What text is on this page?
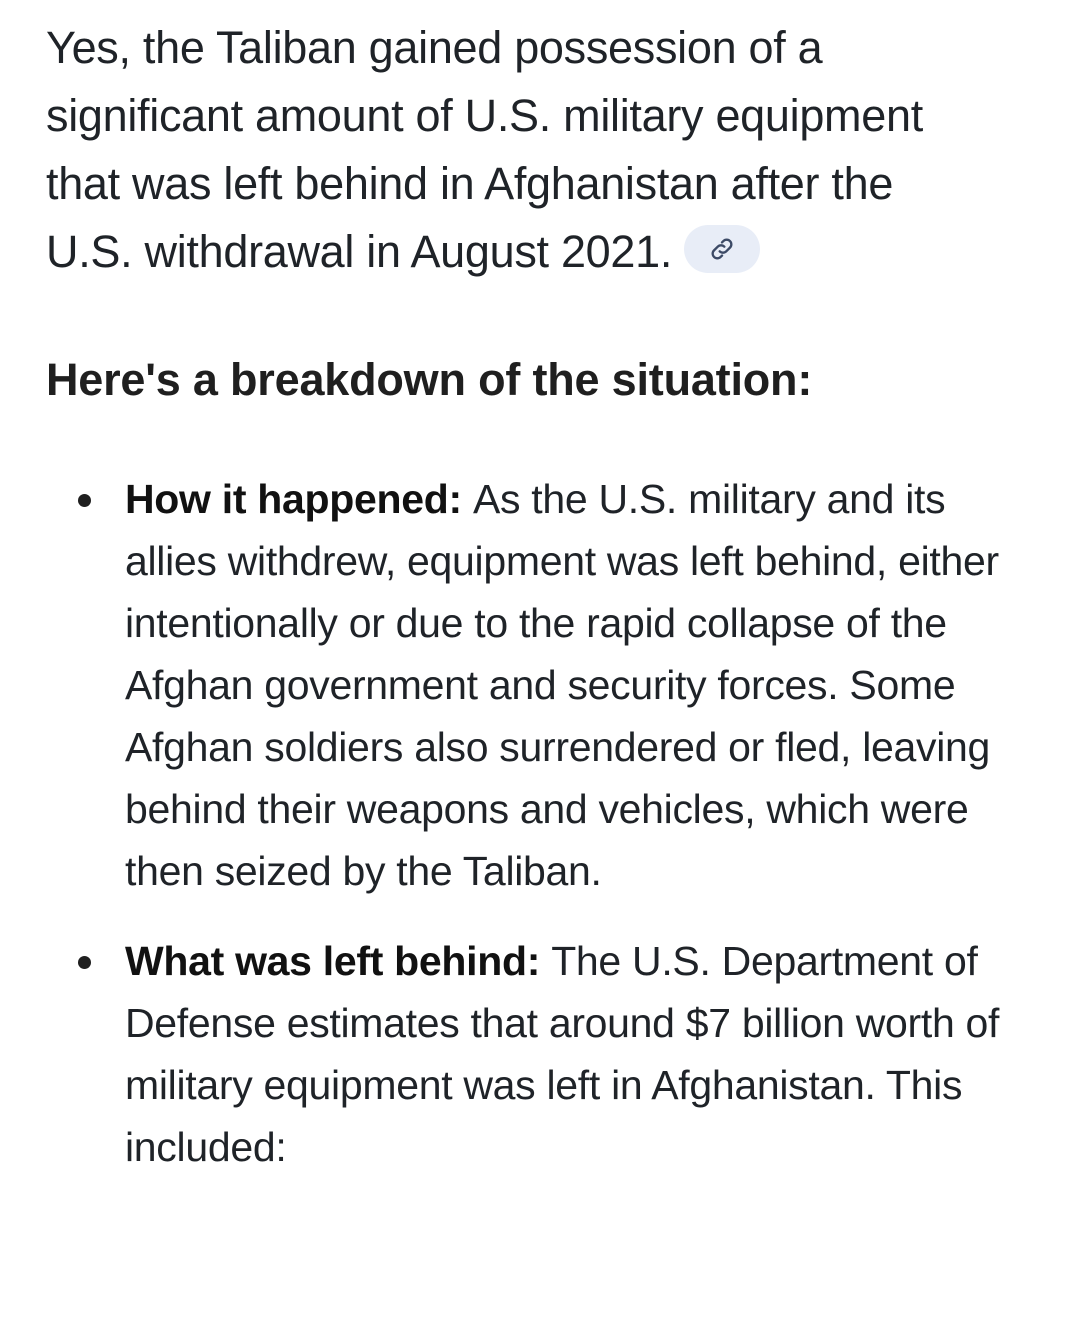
Yes, the Taliban gained possession of a significant amount of U.S. military equipment that was left behind in Afghanistan after the U.S. withdrawal in August 2021.

Here's a breakdown of the situation:
How it happened: As the U.S. military and its allies withdrew, equipment was left behind, either intentionally or due to the rapid collapse of the Afghan government and security forces. Some Afghan soldiers also surrendered or fled, leaving behind their weapons and vehicles, which were then seized by the Taliban.
What was left behind: The U.S. Department of Defense estimates that around $7 billion worth of military equipment was left in Afghanistan. This included:
